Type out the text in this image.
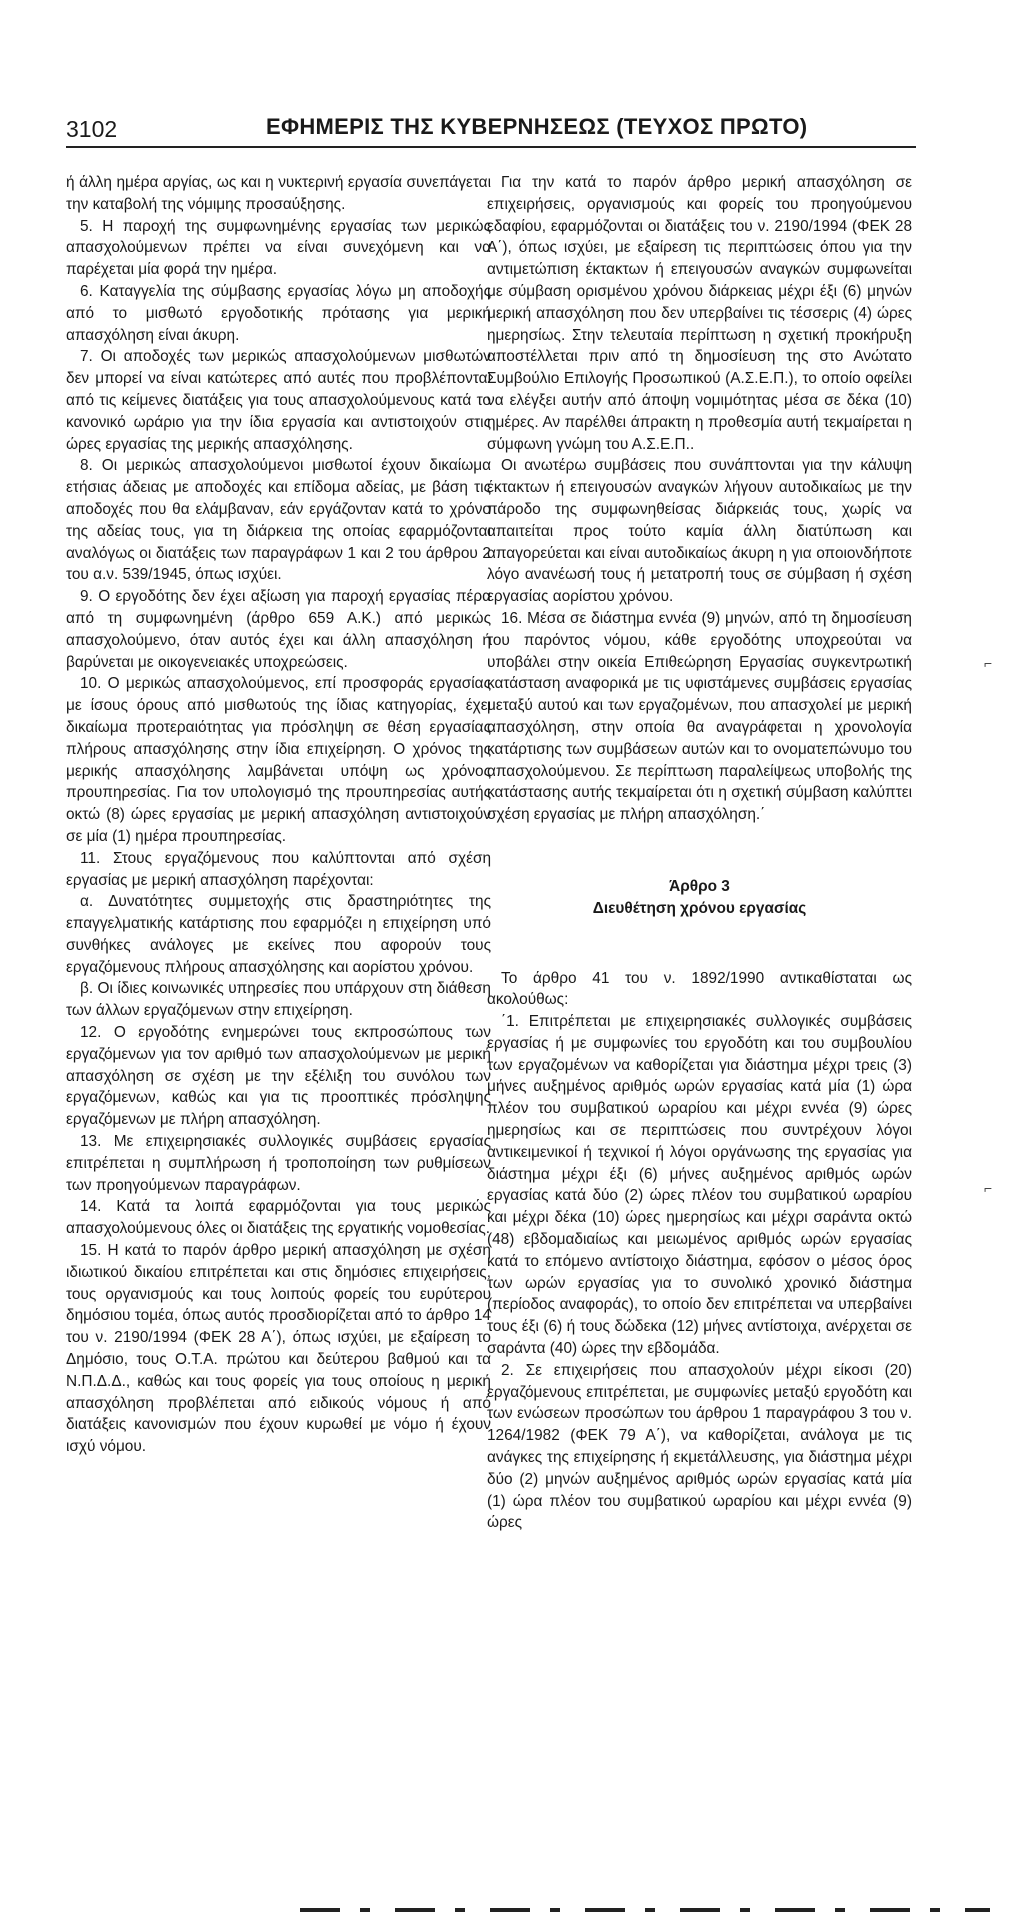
3102	ΕΦΗΜΕΡΙΣ ΤΗΣ ΚΥΒΕΡΝΗΣΕΩΣ (ΤΕΥΧΟΣ ΠΡΩΤΟ)

ή άλλη ημέρα αργίας, ως και η νυκτερινή εργασία συνεπάγεται την καταβολή της νόμιμης προσαύξησης.

5. Η παροχή της συμφωνημένης εργασίας των μερικώς απασχολούμενων πρέπει να είναι συνεχόμενη και να παρέχεται μία φορά την ημέρα.

6. Καταγγελία της σύμβασης εργασίας λόγω μη αποδοχής από το μισθωτό εργοδοτικής πρότασης για μερική απασχόληση είναι άκυρη.

7. Οι αποδοχές των μερικώς απασχολούμενων μισθωτών δεν μπορεί να είναι κατώτερες από αυτές που προβλέπονται από τις κείμενες διατάξεις για τους απασχολούμενους κατά το κανονικό ωράριο για την ίδια εργασία και αντιστοιχούν στις ώρες εργασίας της μερικής απασχόλησης.

8. Οι μερικώς απασχολούμενοι μισθωτοί έχουν δικαίωμα ετήσιας άδειας με αποδοχές και επίδομα αδείας, με βάση τις αποδοχές που θα ελάμβαναν, εάν εργάζονταν κατά το χρόνο της αδείας τους, για τη διάρκεια της οποίας εφαρμόζονται αναλόγως οι διατάξεις των παραγράφων 1 και 2 του άρθρου 2 του α.ν. 539/1945, όπως ισχύει.

9. Ο εργοδότης δεν έχει αξίωση για παροχή εργασίας πέρα από τη συμφωνημένη (άρθρο 659 Α.Κ.) από μερικώς απασχολούμενο, όταν αυτός έχει και άλλη απασχόληση ή βαρύνεται με οικογενειακές υποχρεώσεις.

10. Ο μερικώς απασχολούμενος, επί προσφοράς εργασίας με ίσους όρους από μισθωτούς της ίδιας κατηγορίας, έχει δικαίωμα προτεραιότητας για πρόσληψη σε θέση εργασίας πλήρους απασχόλησης στην ίδια επιχείρηση. Ο χρόνος της μερικής απασχόλησης λαμβάνεται υπόψη ως χρόνος προυπηρεσίας. Για τον υπολογισμό της προυπηρεσίας αυτής οκτώ (8) ώρες εργασίας με μερική απασχόληση αντιστοιχούν σε μία (1) ημέρα προυπηρεσίας.

11. Στους εργαζόμενους που καλύπτονται από σχέση εργασίας με μερική απασχόληση παρέχονται:

α. Δυνατότητες συμμετοχής στις δραστηριότητες της επαγγελματικής κατάρτισης που εφαρμόζει η επιχείρηση υπό συνθήκες ανάλογες με εκείνες που αφορούν τους εργαζόμενους πλήρους απασχόλησης και αορίστου χρόνου.

β. Οι ίδιες κοινωνικές υπηρεσίες που υπάρχουν στη διάθεση των άλλων εργαζόμενων στην επιχείρηση.

12. Ο εργοδότης ενημερώνει τους εκπροσώπους των εργαζόμενων για τον αριθμό των απασχολούμενων με μερική απασχόληση σε σχέση με την εξέλιξη του συνόλου των εργαζόμενων, καθώς και για τις προοπτικές πρόσληψης εργαζόμενων με πλήρη απασχόληση.

13. Με επιχειρησιακές συλλογικές συμβάσεις εργασίας επιτρέπεται η συμπλήρωση ή τροποποίηση των ρυθμίσεων των προηγούμενων παραγράφων.

14. Κατά τα λοιπά εφαρμόζονται για τους μερικώς απασχολούμενους όλες οι διατάξεις της εργατικής νομοθεσίας.

15. Η κατά το παρόν άρθρο μερική απασχόληση με σχέση ιδιωτικού δικαίου επιτρέπεται και στις δημόσιες επιχειρήσεις, τους οργανισμούς και τους λοιπούς φορείς του ευρύτερου δημόσιου τομέα, όπως αυτός προσδιορίζεται από το άρθρο 14 του ν. 2190/1994 (ΦΕΚ 28 Α΄), όπως ισχύει, με εξαίρεση το Δημόσιο, τους Ο.Τ.Α. πρώτου και δεύτερου βαθμού και τα Ν.Π.Δ.Δ., καθώς και τους φορείς για τους οποίους η μερική απασχόληση προβλέπεται από ειδικούς νόμους ή από διατάξεις κανονισμών που έχουν κυρωθεί με νόμο ή έχουν ισχύ νόμου.

Για την κατά το παρόν άρθρο μερική απασχόληση σε επιχειρήσεις, οργανισμούς και φορείς του προηγούμενου εδαφίου, εφαρμόζονται οι διατάξεις του ν. 2190/1994 (ΦΕΚ 28 Α΄), όπως ισχύει, με εξαίρεση τις περιπτώσεις όπου για την αντιμετώπιση έκτακτων ή επειγουσών αναγκών συμφωνείται με σύμβαση ορισμένου χρόνου διάρκειας μέχρι έξι (6) μηνών μερική απασχόληση που δεν υπερβαίνει τις τέσσερις (4) ώρες ημερησίως. Στην τελευταία περίπτωση η σχετική προκήρυξη αποστέλλεται πριν από τη δημοσίευση της στο Ανώτατο Συμβούλιο Επιλογής Προσωπικού (Α.Σ.Ε.Π.), το οποίο οφείλει να ελέγξει αυτήν από άποψη νομιμότητας μέσα σε δέκα (10) ημέρες. Αν παρέλθει άπρακτη η προθεσμία αυτή τεκμαίρεται η σύμφωνη γνώμη του Α.Σ.Ε.Π..

Οι ανωτέρω συμβάσεις που συνάπτονται για την κάλυψη έκτακτων ή επειγουσών αναγκών λήγουν αυτοδικαίως με την πάροδο της συμφωνηθείσας διάρκειάς τους, χωρίς να απαιτείται προς τούτο καμία άλλη διατύπωση και απαγορεύεται και είναι αυτοδικαίως άκυρη η για οποιονδήποτε λόγο ανανέωσή τους ή μετατροπή τους σε σύμβαση ή σχέση εργασίας αορίστου χρόνου.

16. Μέσα σε διάστημα εννέα (9) μηνών, από τη δημοσίευση του παρόντος νόμου, κάθε εργοδότης υποχρεούται να υποβάλει στην οικεία Επιθεώρηση Εργασίας συγκεντρωτική κατάσταση αναφορικά με τις υφιστάμενες συμβάσεις εργασίας μεταξύ αυτού και των εργαζομένων, που απασχολεί με μερική απασχόληση, στην οποία θα αναγράφεται η χρονολογία κατάρτισης των συμβάσεων αυτών και το ονοματεπώνυμο του απασχολούμενου. Σε περίπτωση παραλείψεως υποβολής της κατάστασης αυτής τεκμαίρεται ότι η σχετική σύμβαση καλύπτει σχέση εργασίας με πλήρη απασχόληση.΄

Άρθρο 3

Διευθέτηση χρόνου εργασίας

Το άρθρο 41 του ν. 1892/1990 αντικαθίσταται ως ακολούθως:

΄1. Επιτρέπεται με επιχειρησιακές συλλογικές συμβάσεις εργασίας ή με συμφωνίες του εργοδότη και του συμβουλίου των εργαζομένων να καθορίζεται για διάστημα μέχρι τρεις (3) μήνες αυξημένος αριθμός ωρών εργασίας κατά μία (1) ώρα πλέον του συμβατικού ωραρίου και μέχρι εννέα (9) ώρες ημερησίως και σε περιπτώσεις που συντρέχουν λόγοι αντικειμενικοί ή τεχνικοί ή λόγοι οργάνωσης της εργασίας για διάστημα μέχρι έξι (6) μήνες αυξημένος αριθμός ωρών εργασίας κατά δύο (2) ώρες πλέον του συμβατικού ωραρίου και μέχρι δέκα (10) ώρες ημερησίως και μέχρι σαράντα οκτώ (48) εβδομαδιαίως και μειωμένος αριθμός ωρών εργασίας κατά το επόμενο αντίστοιχο διάστημα, εφόσον ο μέσος όρος των ωρών εργασίας για το συνολικό χρονικό διάστημα (περίοδος αναφοράς), το οποίο δεν επιτρέπεται να υπερβαίνει τους έξι (6) ή τους δώδεκα (12) μήνες αντίστοιχα, ανέρχεται σε σαράντα (40) ώρες την εβδομάδα.

2. Σε επιχειρήσεις που απασχολούν μέχρι είκοσι (20) εργαζόμενους επιτρέπεται, με συμφωνίες μεταξύ εργοδότη και των ενώσεων προσώπων του άρθρου 1 παραγράφου 3 του ν. 1264/1982 (ΦΕΚ 79 Α΄), να καθορίζεται, ανάλογα με τις ανάγκες της επιχείρησης ή εκμετάλλευσης, για διάστημα μέχρι δύο (2) μηνών αυξημένος αριθμός ωρών εργασίας κατά μία (1) ώρα πλέον του συμβατικού ωραρίου και μέχρι εννέα (9) ώρες

⌐
⌐
